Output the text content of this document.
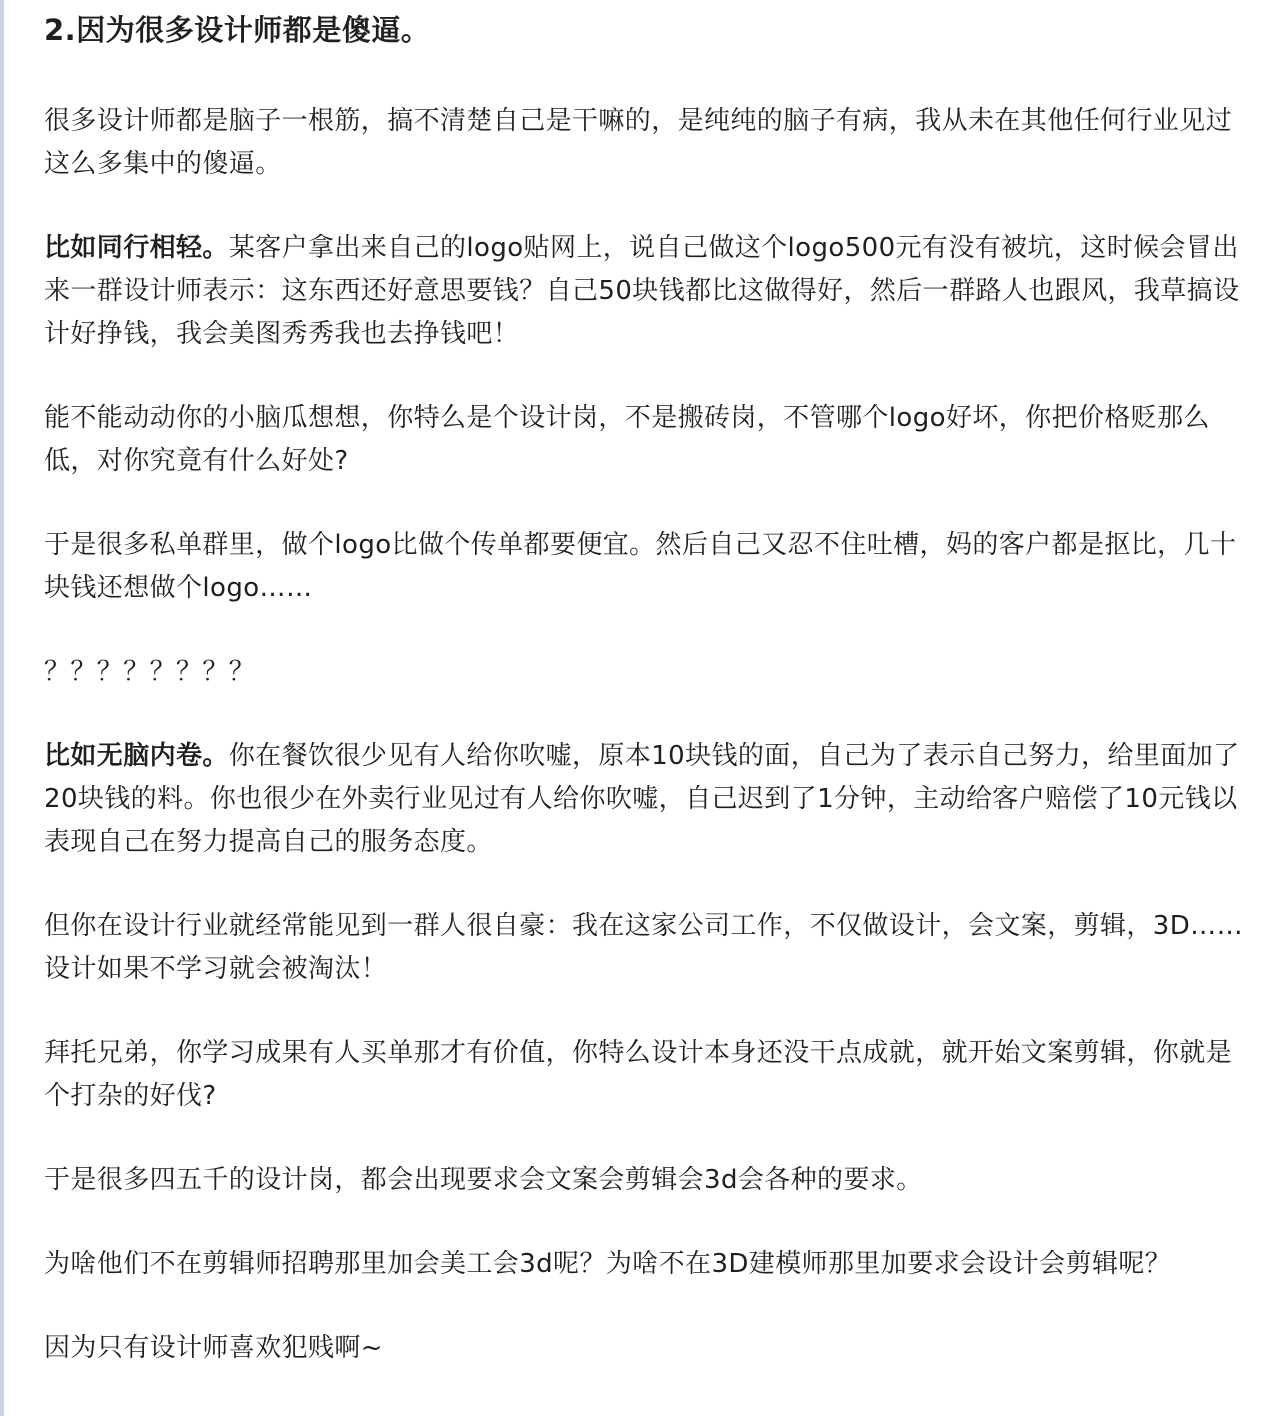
2.因为很多设计师都是傻逼。

很多设计师都是脑子一根筋，搞不清楚自己是干嘛的，是纯纯的脑子有病，我从未在其他任何行业见过这么多集中的傻逼。

比如同行相轻。某客户拿出来自己的logo贴网上，说自己做这个logo500元有没有被坑，这时候会冒出来一群设计师表示：这东西还好意思要钱？自己50块钱都比这做得好，然后一群路人也跟风，我草搞设计好挣钱，我会美图秀秀我也去挣钱吧！

能不能动动你的小脑瓜想想，你特么是个设计岗，不是搬砖岗，不管哪个logo好坏，你把价格贬那么低，对你究竟有什么好处?

于是很多私单群里，做个logo比做个传单都要便宜。然后自己又忍不住吐槽，妈的客户都是抠比，几十块钱还想做个logo……

？？？？？？？？

比如无脑内卷。你在餐饮很少见有人给你吹嘘，原本10块钱的面，自己为了表示自己努力，给里面加了20块钱的料。你也很少在外卖行业见过有人给你吹嘘，自己迟到了1分钟，主动给客户赔偿了10元钱以表现自己在努力提高自己的服务态度。

但你在设计行业就经常能见到一群人很自豪：我在这家公司工作，不仅做设计，会文案，剪辑，3D……设计如果不学习就会被淘汰！

拜托兄弟，你学习成果有人买单那才有价值，你特么设计本身还没干点成就，就开始文案剪辑，你就是个打杂的好伐?

于是很多四五千的设计岗，都会出现要求会文案会剪辑会3d会各种的要求。

为啥他们不在剪辑师招聘那里加会美工会3d呢？为啥不在3D建模师那里加要求会设计会剪辑呢？

因为只有设计师喜欢犯贱啊~
